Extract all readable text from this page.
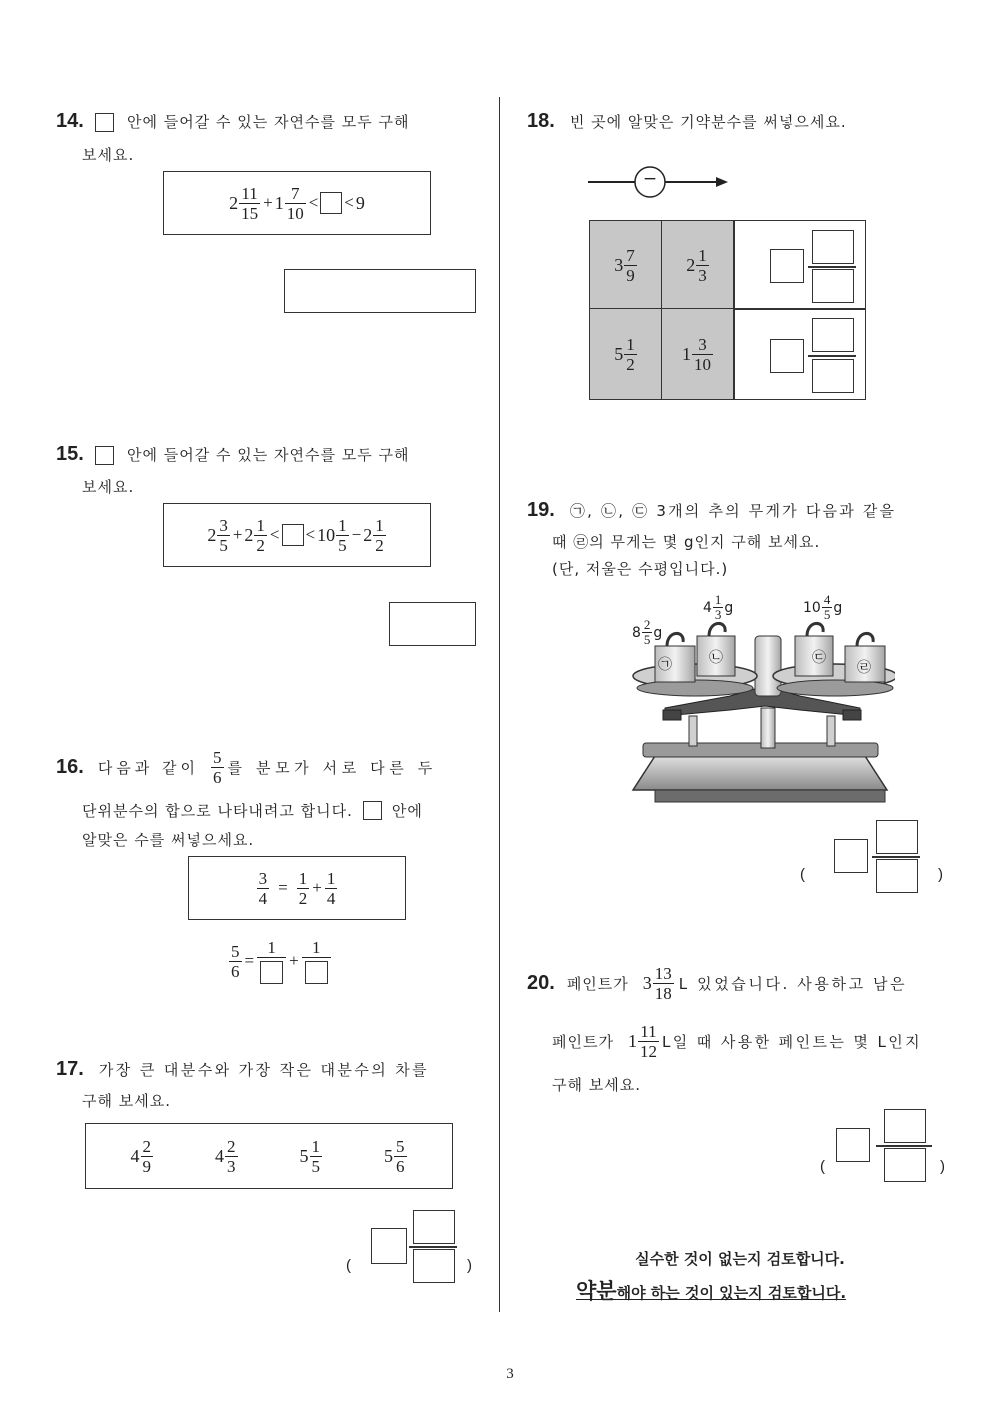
14.	안에 들어갈 수 있는 자연수를 모두 구해
보세요.
$2 \frac{11}{15} + 1 \frac{7}{10}$ < < 9
15.	안에 들어갈 수 있는 자연수를 모두 구해
보세요.
$2 \frac{3}{5} + 2 \frac{1}{2}$ < < $10 \frac{1}{5} - 2 \frac{1}{2}$
16. 다음과 같이 $\frac{5}{6}$ 를 분모가 서로 다른 두
단위분수의 합으로 나타내려고 합니다.	안에
알맞은 수를 써넣으세요.
$\frac{3}{4} = \frac{1}{2} + \frac{1}{4}$
$\frac{5}{6}$ =
1
+
1
17. 가장 큰 대분수와 가장 작은 대분수의 차를
구해 보세요.
$4 \frac{2}{9}$	$4 \frac{2}{3}$	$5 \frac{1}{5}$	$5 \frac{5}{6}$
(	)
18. 빈 곳에 알맞은 기약분수를 써넣으세요.
−
$3 \frac{7}{9}$	$2 \frac{1}{3}$
$5 \frac{1}{2}$	$1 \frac{3}{10}$
19. ㉠, ㉡, ㉢ 3개의 추의 무게가 다음과 같을
때 ㉣의 무게는 몇 g인지 구해 보세요.
(단, 저울은 수평입니다.)
$8 \frac{2}{5}$ g
$4 \frac{1}{3}$ g	$10 \frac{4}{5}$ g
㉠	㉡	㉢
㉣
(	)
20. 페인트가 $3 \frac{13}{18}$ L 있었습니다. 사용하고 남은
페인트가 $1 \frac{11}{12}$ L일 때 사용한 페인트는 몇 L인지
구해 보세요.
(	)
실수한 것이 없는지 검토합니다.
약분해야 하는 것이 있는지 검토합니다.
3
